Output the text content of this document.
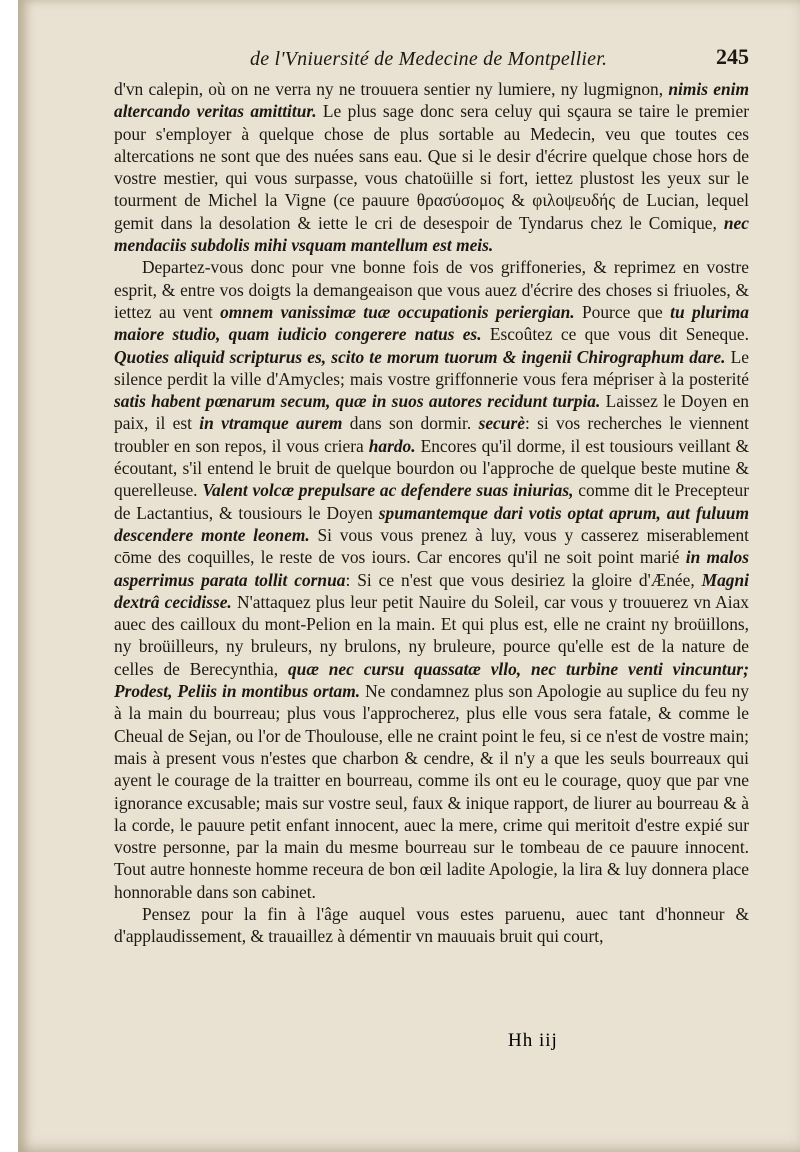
de l'Vniuersité de Medecine de Montpellier.	245

d'vn calepin, où on ne verra ny ne trouuera sentier ny lumiere, ny lugmignon, nimis enim altercando veritas amittitur. Le plus sage donc sera celuy qui sçaura se taire le premier pour s'employer à quelque chose de plus sortable au Medecin, veu que toutes ces altercations ne sont que des nuées sans eau. Que si le desir d'écrire quelque chose hors de vostre mestier, qui vous surpasse, vous chatoüille si fort, iettez plustost les yeux sur le tourment de Michel la Vigne (ce pauure θρασύσομος & φιλοψευδής de Lucian, lequel gemit dans la desolation & iette le cri de desespoir de Tyndarus chez le Comique, nec mendaciis subdolis mihi vsquam mantellum est meis.

Departez-vous donc pour vne bonne fois de vos griffoneries, & reprimez en vostre esprit, & entre vos doigts la demangeaison que vous auez d'écrire des choses si friuoles, & iettez au vent omnem vanissimæ tuæ occupationis periergian. Pource que tu plurima maiore studio, quam iudicio congerere natus es. Escoûtez ce que vous dit Seneque. Quoties aliquid scripturus es, scito te morum tuorum & ingenii Chirographum dare. Le silence perdit la ville d'Amycles; mais vostre griffonnerie vous fera mépriser à la posterité satis habent pœnarum secum, quæ in suos autores recidunt turpia. Laissez le Doyen en paix, il est in vtramque aurem dans son dormir. securè: si vos recherches le viennent troubler en son repos, il vous criera hardo. Encores qu'il dorme, il est tousiours veillant & écoutant, s'il entend le bruit de quelque bourdon ou l'approche de quelque beste mutine & querelleuse. Valent volcæ prepulsare ac defendere suas iniurias, comme dit le Precepteur de Lactantius, & tousiours le Doyen spumantemque dari votis optat aprum, aut fuluum descendere monte leonem. Si vous vous prenez à luy, vous y casserez miserablement cōme des coquilles, le reste de vos iours. Car encores qu'il ne soit point marié in malos asperrimus parata tollit cornua: Si ce n'est que vous desiriez la gloire d'Ænée, Magni dextrâ cecidisse. N'attaquez plus leur petit Nauire du Soleil, car vous y trouuerez vn Aiax auec des cailloux du mont-Pelion en la main. Et qui plus est, elle ne craint ny broüillons, ny broüilleurs, ny bruleurs, ny brulons, ny bruleure, pource qu'elle est de la nature de celles de Berecynthia, quæ nec cursu quassatæ vllo, nec turbine venti vincuntur; Prodest, Peliis in montibus ortam. Ne condamnez plus son Apologie au suplice du feu ny à la main du bourreau; plus vous l'approcherez, plus elle vous sera fatale, & comme le Cheual de Sejan, ou l'or de Thoulouse, elle ne craint point le feu, si ce n'est de vostre main; mais à present vous n'estes que charbon & cendre, & il n'y a que les seuls bourreaux qui ayent le courage de la traitter en bourreau, comme ils ont eu le courage, quoy que par vne ignorance excusable; mais sur vostre seul, faux & inique rapport, de liurer au bourreau & à la corde, le pauure petit enfant innocent, auec la mere, crime qui meritoit d'estre expié sur vostre personne, par la main du mesme bourreau sur le tombeau de ce pauure innocent. Tout autre honneste homme receura de bon œil ladite Apologie, la lira & luy donnera place honnorable dans son cabinet.

Pensez pour la fin à l'âge auquel vous estes paruenu, auec tant d'honneur & d'applaudissement, & trauaillez à démentir vn mauuais bruit qui court,

Hh iij
